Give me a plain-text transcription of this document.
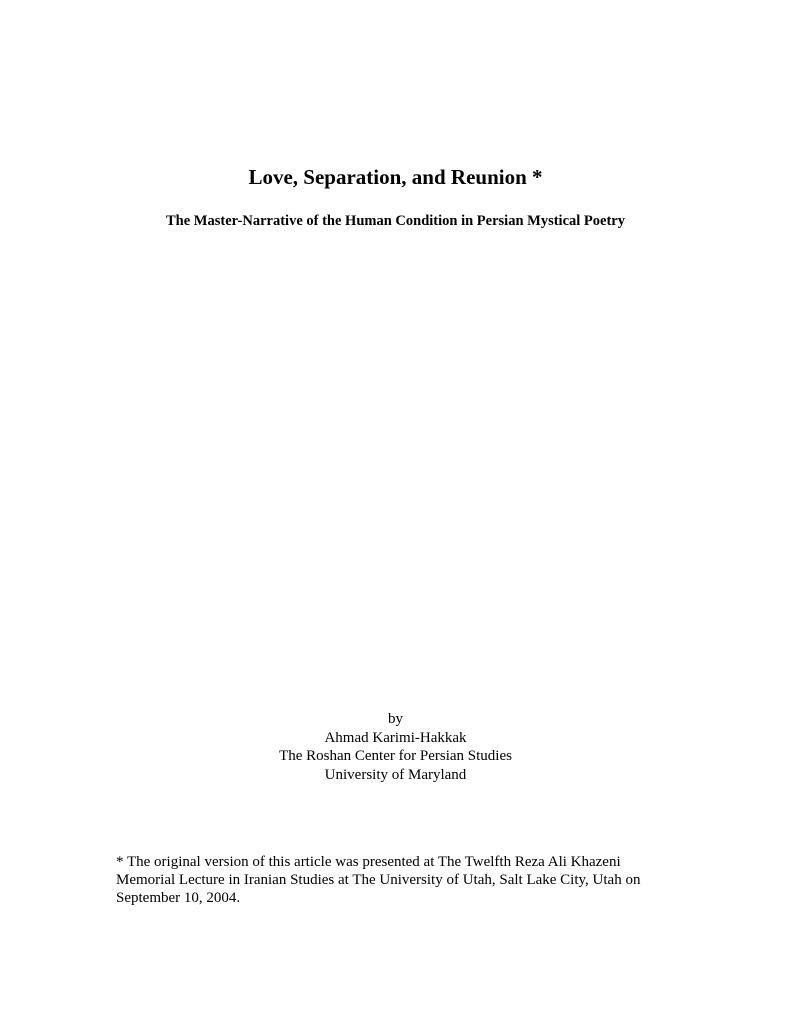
Love, Separation, and Reunion *
The Master-Narrative of the Human Condition in Persian Mystical Poetry
by
Ahmad Karimi-Hakkak
The Roshan Center for Persian Studies
University of Maryland
* The original version of this article was presented at The Twelfth Reza Ali Khazeni
Memorial Lecture in Iranian Studies at The University of Utah, Salt Lake City, Utah on
September 10, 2004.
